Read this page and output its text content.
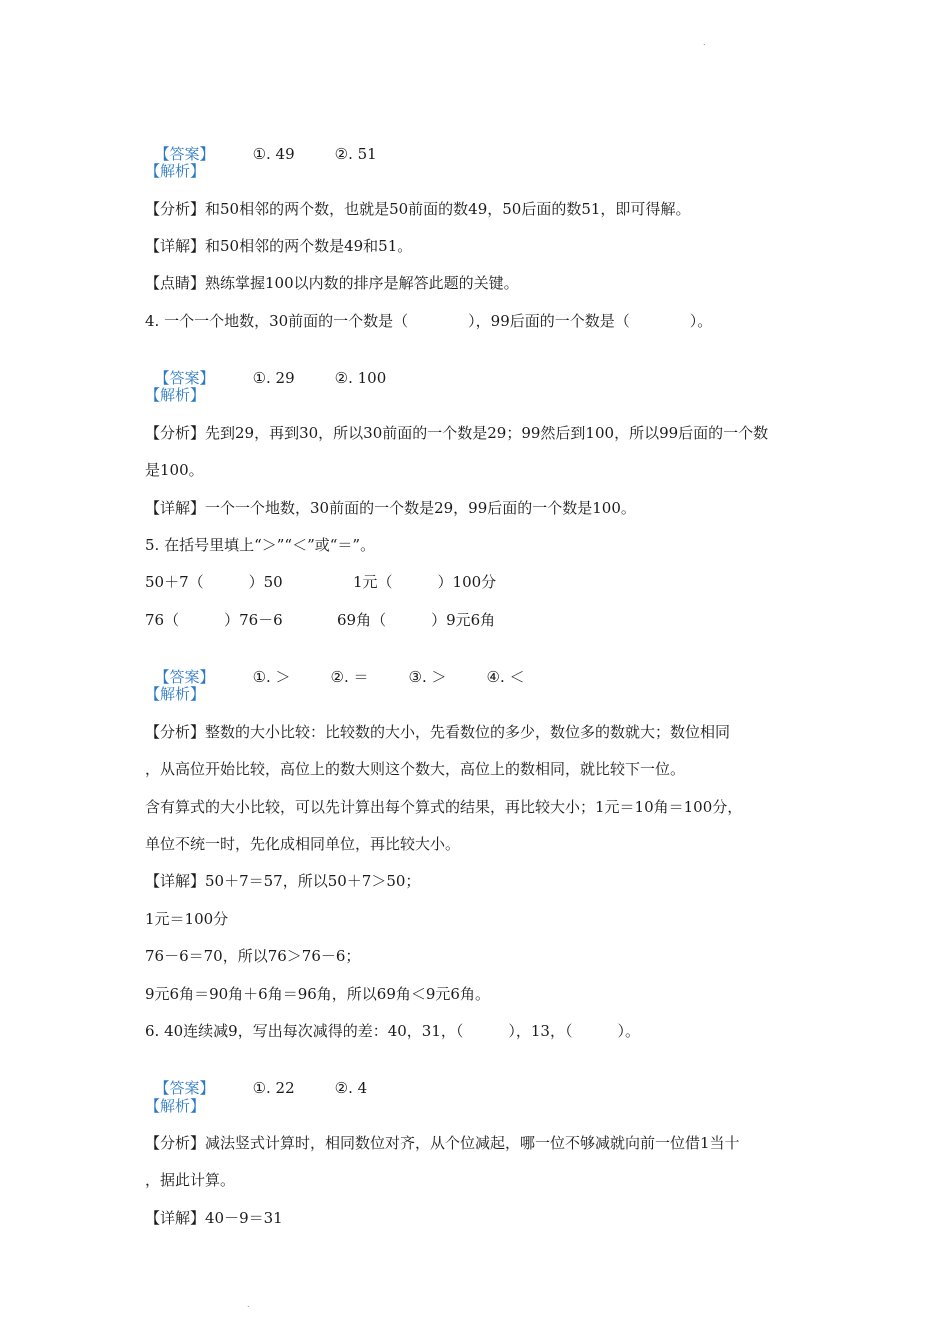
.

【答案】	①. 49	②. 51

【解析】
【分析】和50相邻的两个数，也就是50前面的数49，50后面的数51，即可得解。
【详解】和50相邻的两个数是49和51。
【点睛】熟练掌握100以内数的排序是解答此题的关键。
4. 一个一个地数，30前面的一个数是（　　　　），99后面的一个数是（　　　　）。

【答案】	①. 29	②. 100

【解析】
【分析】先到29，再到30，所以30前面的一个数是29；99然后到100，所以99后面的一个数
是100。
【详解】一个一个地数，30前面的一个数是29，99后面的一个数是100。
5. 在括号里填上“＞”“＜”或“＝”。
50＋7（　　　）50	1元（　　　）100分
76（　　　）76－6	69角（　　　）9元6角

【答案】	①. ＞	②. ＝	③. ＞	④. ＜

【解析】
【分析】整数的大小比较：比较数的大小，先看数位的多少，数位多的数就大；数位相同
，从高位开始比较，高位上的数大则这个数大，高位上的数相同，就比较下一位。
含有算式的大小比较，可以先计算出每个算式的结果，再比较大小；1元＝10角＝100分，
单位不统一时，先化成相同单位，再比较大小。
【详解】50＋7＝57，所以50＋7＞50；
1元＝100分
76－6＝70，所以76＞76－6；
9元6角＝90角＋6角＝96角，所以69角＜9元6角。
6. 40连续减9，写出每次减得的差：40，31，（　　　），13，（　　　）。

【答案】	①. 22	②. 4

【解析】
【分析】减法竖式计算时，相同数位对齐，从个位减起，哪一位不够减就向前一位借1当十
，据此计算。
【详解】40－9＝31
.
